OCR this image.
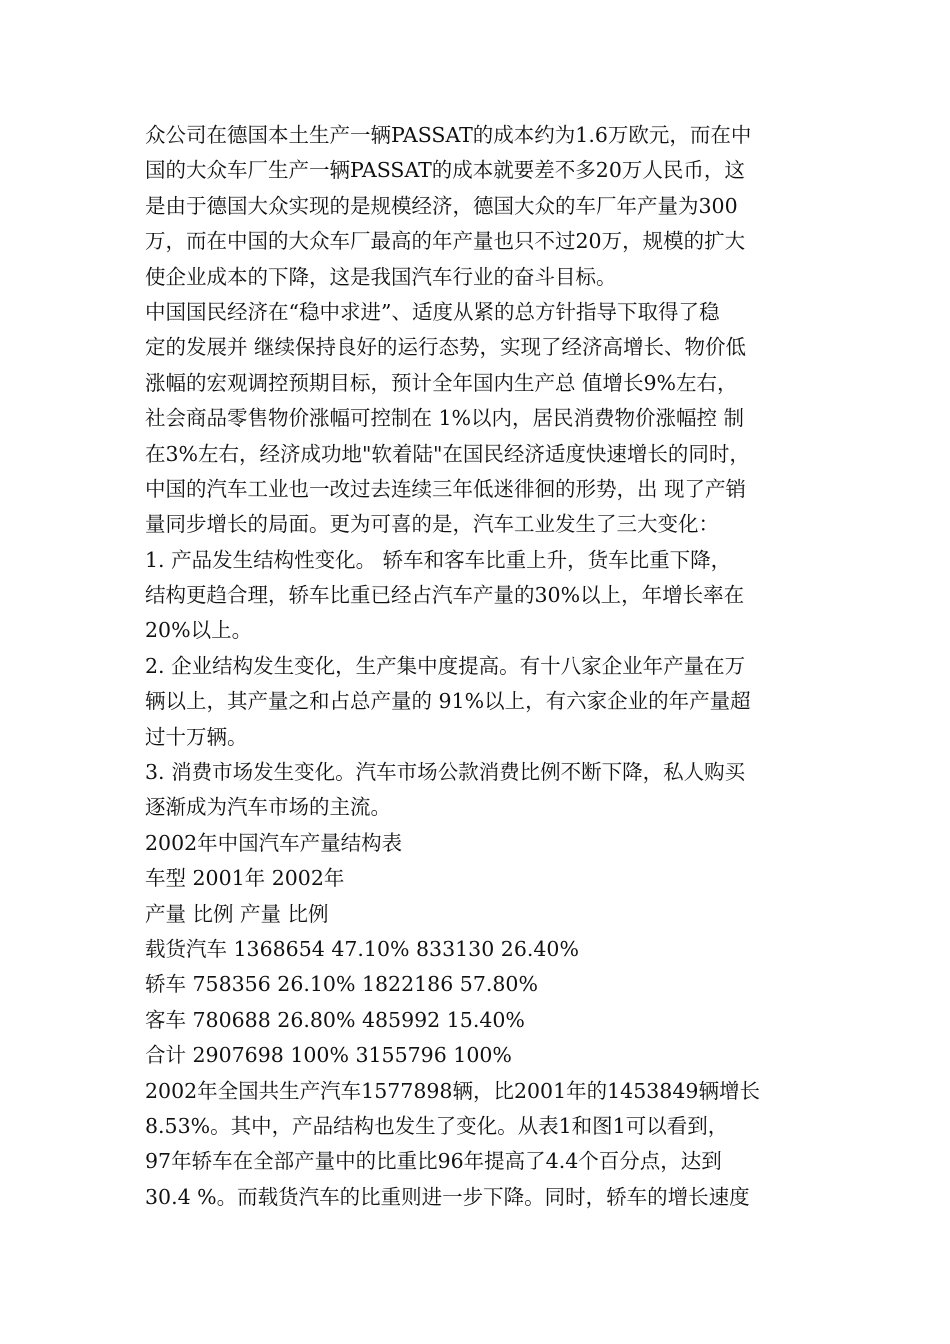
众公司在德国本土生产一辆PASSAT的成本约为1.6万欧元，而在中
国的大众车厂生产一辆PASSAT的成本就要差不多20万人民币，这
是由于德国大众实现的是规模经济，德国大众的车厂年产量为300
万，而在中国的大众车厂最高的年产量也只不过20万，规模的扩大
使企业成本的下降，这是我国汽车行业的奋斗目标。
中国国民经济在“稳中求进”、适度从紧的总方针指导下取得了稳
定的发展并 继续保持良好的运行态势，实现了经济高增长、物价低
涨幅的宏观调控预期目标，预计全年国内生产总 值增长9%左右，
社会商品零售物价涨幅可控制在 1%以内，居民消费物价涨幅控 制
在3%左右，经济成功地"软着陆"在国民经济适度快速增长的同时，
中国的汽车工业也一改过去连续三年低迷徘徊的形势，出 现了产销
量同步增长的局面。更为可喜的是，汽车工业发生了三大变化：
1. 产品发生结构性变化。 轿车和客车比重上升，货车比重下降，
结构更趋合理，轿车比重已经占汽车产量的30%以上，年增长率在
20%以上。
2. 企业结构发生变化，生产集中度提高。有十八家企业年产量在万
辆以上，其产量之和占总产量的 91%以上，有六家企业的年产量超
过十万辆。
3. 消费市场发生变化。汽车市场公款消费比例不断下降，私人购买
逐渐成为汽车市场的主流。
2002年中国汽车产量结构表
车型 2001年 2002年
产量 比例 产量 比例
载货汽车 1368654 47.10% 833130 26.40%
轿车 758356 26.10% 1822186 57.80%
客车 780688 26.80% 485992 15.40%
合计 2907698 100% 3155796 100%
2002年全国共生产汽车1577898辆，比2001年的1453849辆增长
8.53%。其中，产品结构也发生了变化。从表1和图1可以看到，
97年轿车在全部产量中的比重比96年提高了4.4个百分点，达到
30.4 %。而载货汽车的比重则进一步下降。同时，轿车的增长速度
